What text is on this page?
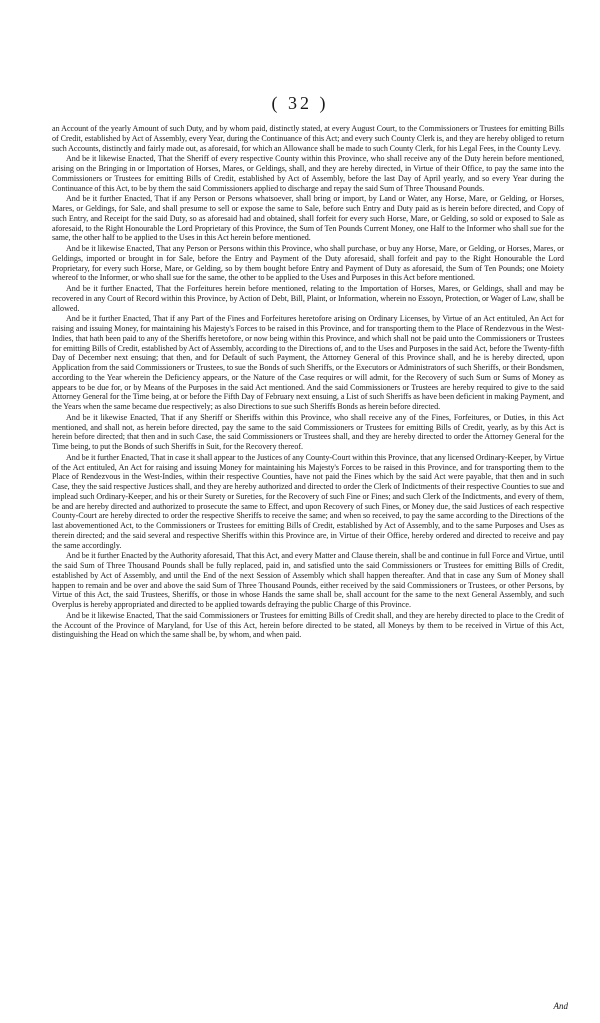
( 32 )

an Account of the yearly Amount of such Duty, and by whom paid, distinctly stated, at every August Court, to the Commissioners or Trustees for emitting Bills of Credit, established by Act of Assembly, every Year, during the Continuance of this Act; and every such County Clerk is, and they are hereby obliged to return such Accounts, distinctly and fairly made out, as aforesaid, for which an Allowance shall be made to such County Clerk, for his Legal Fees, in the County Levy.

And be it likewise Enacted, That the Sheriff of every respective County within this Province, who shall receive any of the Duty herein before mentioned, arising on the Bringing in or Importation of Horses, Mares, or Geldings, shall, and they are hereby directed, in Virtue of their Office, to pay the same into the Commissioners or Trustees for emitting Bills of Credit, established by Act of Assembly, before the last Day of April yearly, and so every Year during the Continuance of this Act, to be by them the said Commissioners applied to discharge and repay the said Sum of Three Thousand Pounds.

And be it further Enacted, That if any Person or Persons whatsoever, shall bring or import, by Land or Water, any Horse, Mare, or Gelding, or Horses, Mares, or Geldings, for Sale, and shall presume to sell or expose the same to Sale, before such Entry and Duty paid as is herein before directed, and Copy of such Entry, and Receipt for the said Duty, so as aforesaid had and obtained, shall forfeit for every such Horse, Mare, or Gelding, so sold or exposed to Sale as aforesaid, to the Right Honourable the Lord Proprietary of this Province, the Sum of Ten Pounds Current Money, one Half to the Informer who shall sue for the same, the other half to be applied to the Uses in this Act herein before mentioned.

And be it likewise Enacted, That any Person or Persons within this Province, who shall purchase, or buy any Horse, Mare, or Gelding, or Horses, Mares, or Geldings, imported or brought in for Sale, before the Entry and Payment of the Duty aforesaid, shall forfeit and pay to the Right Honourable the Lord Proprietary, for every such Horse, Mare, or Gelding, so by them bought before Entry and Payment of Duty as aforesaid, the Sum of Ten Pounds; one Moiety whereof to the Informer, or who shall sue for the same, the other to be applied to the Uses and Purposes in this Act before mentioned.

And be it further Enacted, That the Forfeitures herein before mentioned, relating to the Importation of Horses, Mares, or Geldings, shall and may be recovered in any Court of Record within this Province, by Action of Debt, Bill, Plaint, or Information, wherein no Essoyn, Protection, or Wager of Law, shall be allowed.

And be it further Enacted, That if any Part of the Fines and Forfeitures heretofore arising on Ordinary Licenses, by Virtue of an Act entituled, An Act for raising and issuing Money, for maintaining his Majesty's Forces to be raised in this Province, and for transporting them to the Place of Rendezvous in the West-Indies, that hath been paid to any of the Sheriffs heretofore, or now being within this Province, and which shall not be paid unto the Commissioners or Trustees for emitting Bills of Credit, established by Act of Assembly, according to the Directions of, and to the Uses and Purposes in the said Act, before the Twenty-fifth Day of December next ensuing; that then, and for Default of such Payment, the Attorney General of this Province shall, and he is hereby directed, upon Application from the said Commissioners or Trustees, to sue the Bonds of such Sheriffs, or the Executors or Administrators of such Sheriffs, or their Bondsmen, according to the Year wherein the Deficiency appears, or the Nature of the Case requires or will admit, for the Recovery of such Sum or Sums of Money as appears to be due for, or by Means of the Purposes in the said Act mentioned. And the said Commissioners or Trustees are hereby required to give to the said Attorney General for the Time being, at or before the Fifth Day of February next ensuing, a List of such Sheriffs as have been deficient in making Payment, and the Years when the same became due respectively; as also Directions to sue such Sheriffs Bonds as herein before directed.

And be it likewise Enacted, That if any Sheriff or Sheriffs within this Province, who shall receive any of the Fines, Forfeitures, or Duties, in this Act mentioned, and shall not, as herein before directed, pay the same to the said Commissioners or Trustees for emitting Bills of Credit, yearly, as by this Act is herein before directed; that then and in such Case, the said Commissioners or Trustees shall, and they are hereby directed to order the Attorney General for the Time being, to put the Bonds of such Sheriffs in Suit, for the Recovery thereof.

And be it further Enacted, That in case it shall appear to the Justices of any County-Court within this Province, that any licensed Ordinary-Keeper, by Virtue of the Act entituled, An Act for raising and issuing Money for maintaining his Majesty's Forces to be raised in this Province, and for transporting them to the Place of Rendezvous in the West-Indies, within their respective Counties, have not paid the Fines which by the said Act were payable, that then and in such Case, they the said respective Justices shall, and they are hereby authorized and directed to order the Clerk of Indictments of their respective Counties to sue and implead such Ordinary-Keeper, and his or their Surety or Sureties, for the Recovery of such Fine or Fines; and such Clerk of the Indictments, and every of them, be and are hereby directed and authorized to prosecute the same to Effect, and upon Recovery of such Fines, or Money due, the said Justices of each respective County-Court are hereby directed to order the respective Sheriffs to receive the same; and when so received, to pay the same according to the Directions of the last abovementioned Act, to the Commissioners or Trustees for emitting Bills of Credit, established by Act of Assembly, and to the same Purposes and Uses as therein directed; and the said several and respective Sheriffs within this Province are, in Virtue of their Office, hereby ordered and directed to receive and pay the same accordingly.

And be it further Enacted by the Authority aforesaid, That this Act, and every Matter and Clause therein, shall be and continue in full Force and Virtue, until the said Sum of Three Thousand Pounds shall be fully replaced, paid in, and satisfied unto the said Commissioners or Trustees for emitting Bills of Credit, established by Act of Assembly, and until the End of the next Session of Assembly which shall happen thereafter. And that in case any Sum of Money shall happen to remain and be over and above the said Sum of Three Thousand Pounds, either received by the said Commissioners or Trustees, or other Persons, by Virtue of this Act, the said Trustees, Sheriffs, or those in whose Hands the same shall be, shall account for the same to the next General Assembly, and such Overplus is hereby appropriated and directed to be applied towards defraying the public Charge of this Province.

And be it likewise Enacted, That the said Commissioners or Trustees for emitting Bills of Credit shall, and they are hereby directed to place to the Credit of the Account of the Province of Maryland, for Use of this Act, herein before directed to be stated, all Moneys by them to be received in Virtue of this Act, distinguishing the Head on which the same shall be, by whom, and when paid.

And
